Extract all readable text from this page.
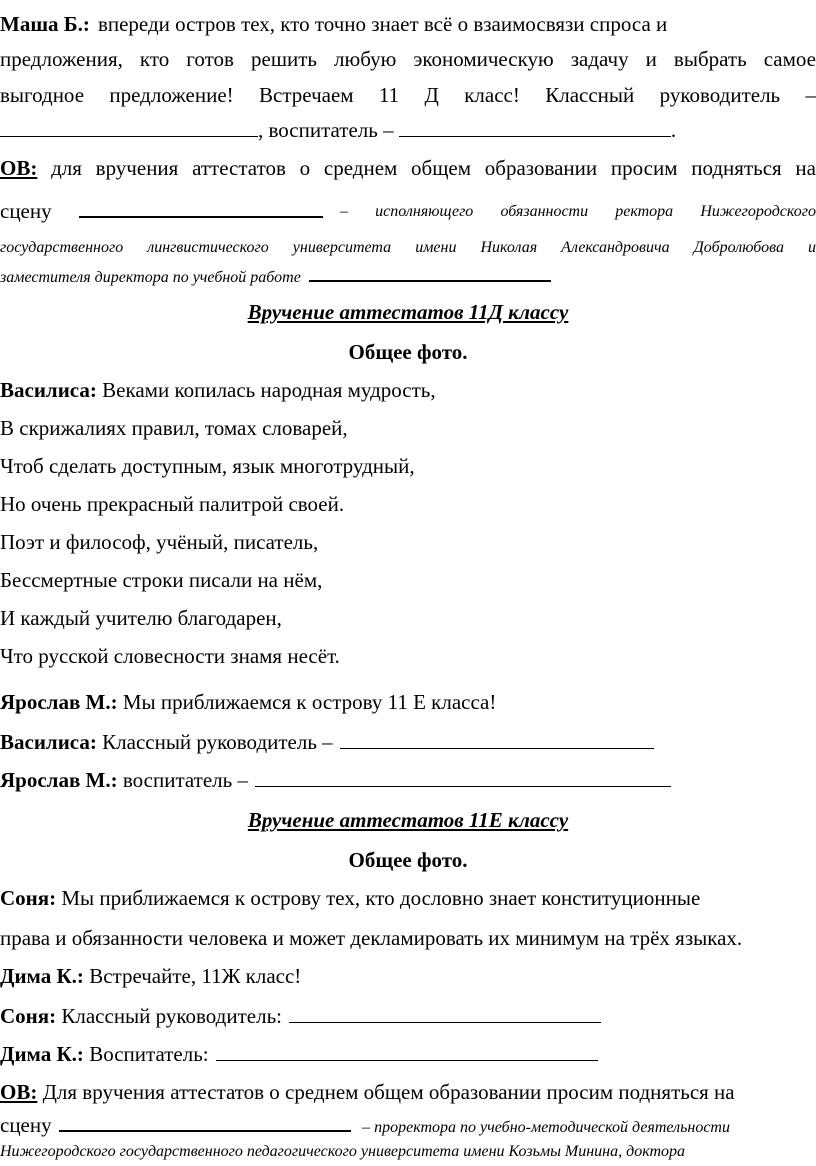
Маша Б.: впереди остров тех, кто точно знает всё о взаимосвязи спроса и
предложения, кто готов решить любую экономическую задачу и выбрать самое
выгодное предложение! Встречаем 11 Д класс! Классный руководитель –
, воспитатель –	.
ОВ: для вручения аттестатов о среднем общем образовании просим подняться на
сцену	– исполняющего обязанности ректора Нижегородского
государственного лингвистического университета имени Николая Александровича Добролюбова и
заместителя директора по учебной работе
Вручение аттестатов 11Д классу
Общее фото.
Василиса: Веками копилась народная мудрость,
В скрижалиях правил, томах словарей,
Чтоб сделать доступным, язык многотрудный,
Но очень прекрасный палитрой своей.
Поэт и философ, учёный, писатель,
Бессмертные строки писали на нём,
И каждый учителю благодарен,
Что русской словесности знамя несёт.
Ярослав М.: Мы приближаемся к острову 11 Е класса!
Василиса: Классный руководитель –
Ярослав М.: воспитатель –
Вручение аттестатов 11Е классу
Общее фото.
Соня: Мы приближаемся к острову тех, кто дословно знает конституционные
права и обязанности человека и может декламировать их минимум на трёх языках.
Дима К.: Встречайте, 11Ж класс!
Соня: Классный руководитель:
Дима К.: Воспитатель:
ОВ: Для вручения аттестатов о среднем общем образовании просим подняться на
сцену	– проректора по учебно-методической деятельности
Нижегородского государственного педагогического университета имени Козьмы Минина, доктора
